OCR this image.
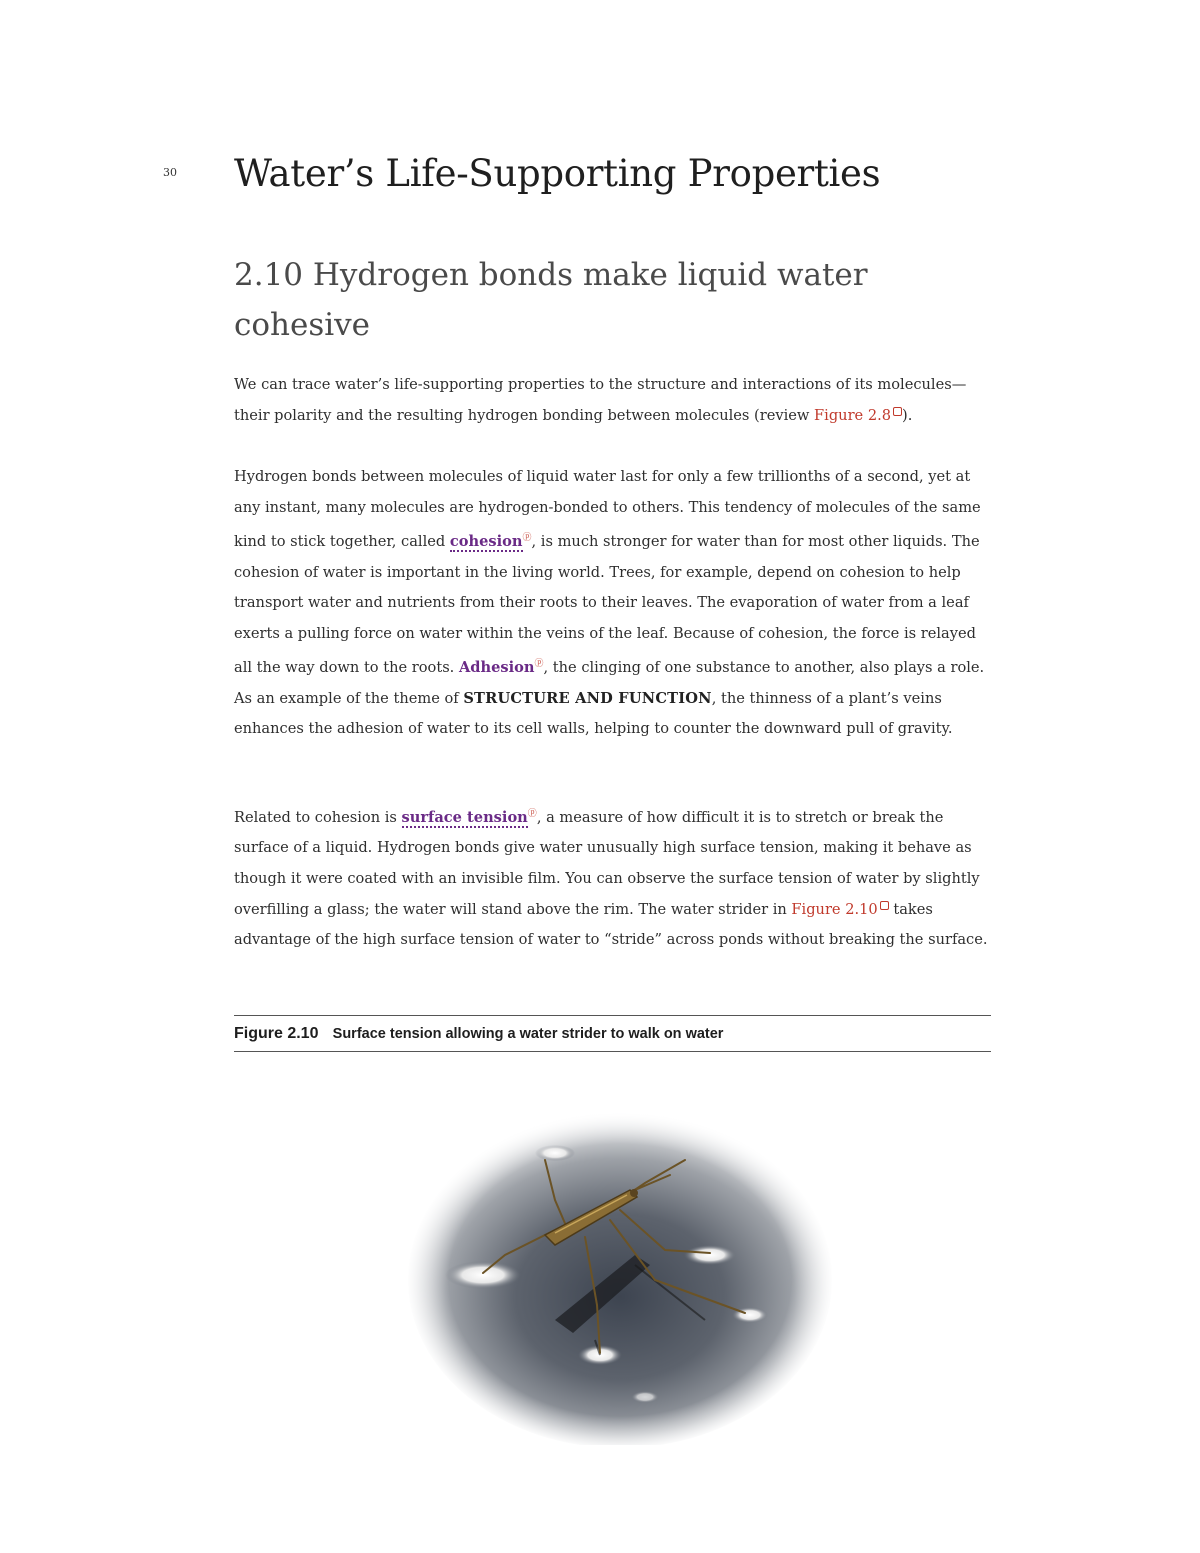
30 Water’s Life-Supporting Properties
2.10 Hydrogen bonds make liquid water cohesive

We can trace water’s life-supporting properties to the structure and interactions of its molecules—their polarity and the resulting hydrogen bonding between molecules (review Figure 2.8 ).

Hydrogen bonds between molecules of liquid water last for only a few trillionths of a second, yet at any instant, many molecules are hydrogen-bonded to others. This tendency of molecules of the same kind to stick together, called cohesionⓟ, is much stronger for water than for most other liquids. The cohesion of water is important in the living world. Trees, for example, depend on cohesion to help transport water and nutrients from their roots to their leaves. The evaporation of water from a leaf exerts a pulling force on water within the veins of the leaf. Because of cohesion, the force is relayed all the way down to the roots. Adhesionⓟ, the clinging of one substance to another, also plays a role. As an example of the theme of STRUCTURE AND FUNCTION, the thinness of a plant’s veins enhances the adhesion of water to its cell walls, helping to counter the downward pull of gravity.

Related to cohesion is surface tensionⓟ, a measure of how difficult it is to stretch or break the surface of a liquid. Hydrogen bonds give water unusually high surface tension, making it behave as though it were coated with an invisible film. You can observe the surface tension of water by slightly overfilling a glass; the water will stand above the rim. The water strider in Figure 2.10 takes advantage of the high surface tension of water to “stride” across ponds without breaking the surface.

Figure 2.10 Surface tension allowing a water strider to walk on water
